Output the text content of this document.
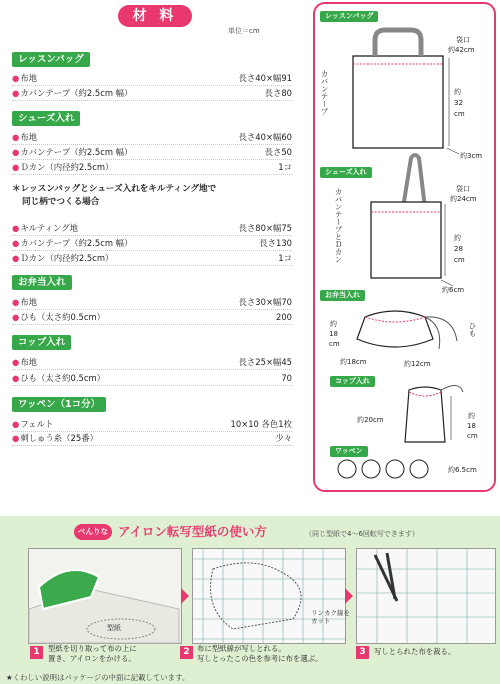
材 料
単位＝cm
レッスンバッグ
●布地	長さ40×幅91
●カバンテープ（約2.5cm 幅）	長さ80
シューズ入れ
●布地	長さ40×幅60
●カバンテープ（約2.5cm 幅）	長さ50
●Ｄカン（内径約2.5cm）	1コ
＊レッスンバッグとシューズ入れをキルティング地で
同じ柄でつくる場合
●キルティング地	長さ80×幅75
●カバンテープ（約2.5cm 幅）	長さ130
●Ｄカン（内径約2.5cm）	1コ
お弁当入れ
●布地	長さ30×幅70
●ひも（太さ約0.5cm）	200
コップ入れ
●布地	長さ25×幅45
●ひも（太さ約0.5cm）	70
ワッペン（1コ分）
●フェルト	10×10 各色1枚
●刺しゅう糸（25番）	少々
レッスンバッグ
袋口
約42cm
カバンテープ	約
32
cm
約3cm
シューズ入れ
カバンテープとＤカン	袋口
約24cm
約
28
cm
約6cm
お弁当入れ
約
18
cm
ひも
約18cm	約12cm
コップ入れ
約20cm	約
18
cm
ワッペン
約6.5cm
べんりな アイロン転写型紙の使い方	（同じ型紙で4～6回転写できます）
型紙
リンカク線をカット
1	型紙を切り取って布の上に
置き、アイロンをかける。
2 布に型紙線が写しとれる。
写しとったこの色を参考に布を選ぶ。
3	写しとられた布を裁る。
★くわしい説明はパッケージの中面に記載しています。
